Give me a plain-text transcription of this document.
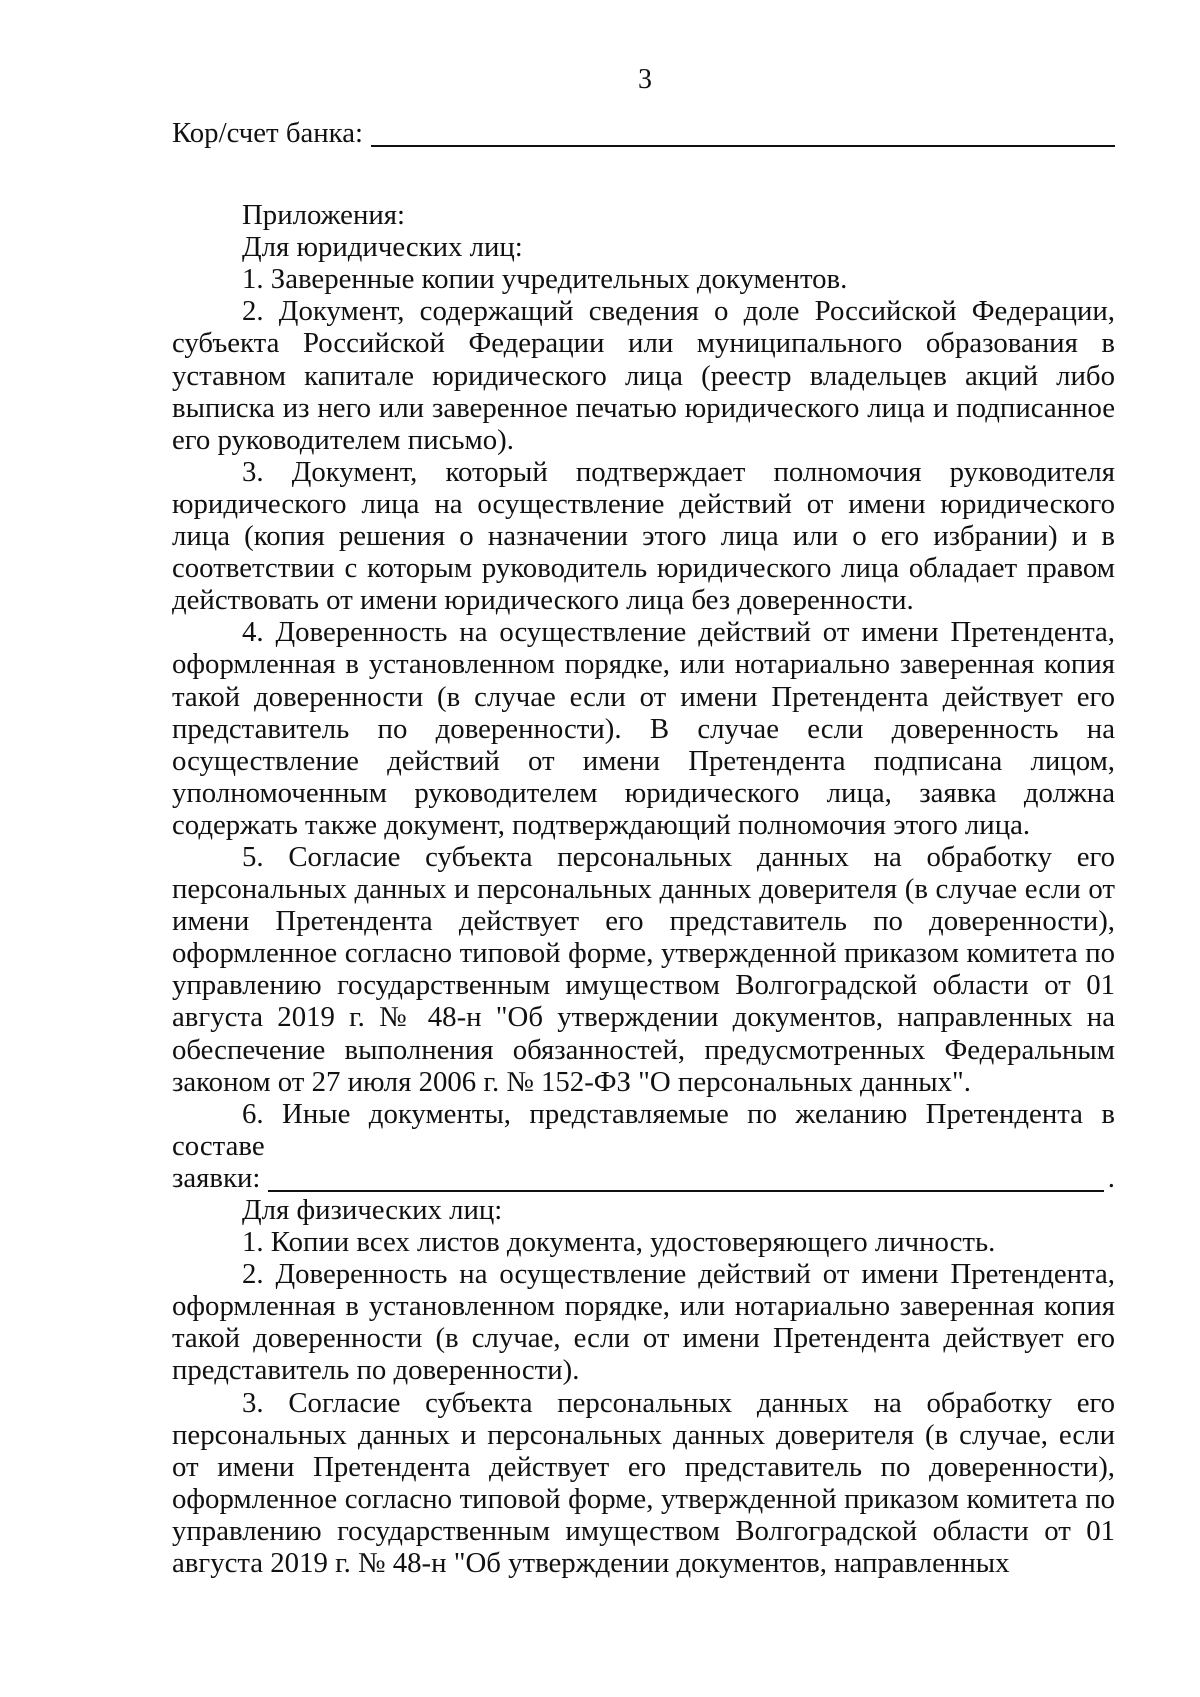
3
Кор/счет банка:

Приложения:

Для юридических лиц:

1. Заверенные копии учредительных документов.

2. Документ, содержащий сведения о доле Российской Федерации, субъекта Российской Федерации или муниципального образования в уставном капитале юридического лица (реестр владельцев акций либо выписка из него или заверенное печатью юридического лица и подписанное его руководителем письмо).

3. Документ, который подтверждает полномочия руководителя юридического лица на осуществление действий от имени юридического лица (копия решения о назначении этого лица или о его избрании) и в соответствии с которым руководитель юридического лица обладает правом действовать от имени юридического лица без доверенности.

4. Доверенность на осуществление действий от имени Претендента, оформленная в установленном порядке, или нотариально заверенная копия такой доверенности (в случае если от имени Претендента действует его представитель по доверенности). В случае если доверенность на осуществление действий от имени Претендента подписана лицом, уполномоченным руководителем юридического лица, заявка должна содержать также документ, подтверждающий полномочия этого лица.

5. Согласие субъекта персональных данных на обработку его персональных данных и персональных данных доверителя (в случае если от имени Претендента действует его представитель по доверенности), оформленное согласно типовой форме, утвержденной приказом комитета по управлению государственным имуществом Волгоградской области от 01 августа 2019 г. № 48-н "Об утверждении документов, направленных на обеспечение выполнения обязанностей, предусмотренных Федеральным законом от 27 июля 2006 г. № 152-ФЗ "О персональных данных".

6. Иные документы, представляемые по желанию Претендента в составе

заявки:	.

Для физических лиц:

1. Копии всех листов документа, удостоверяющего личность.

2. Доверенность на осуществление действий от имени Претендента, оформленная в установленном порядке, или нотариально заверенная копия такой доверенности (в случае, если от имени Претендента действует его представитель по доверенности).

3. Согласие субъекта персональных данных на обработку его персональных данных и персональных данных доверителя (в случае, если от имени Претендента действует его представитель по доверенности), оформленное согласно типовой форме, утвержденной приказом комитета по управлению государственным имуществом Волгоградской области от 01 августа 2019 г. № 48-н "Об утверждении документов, направленных
